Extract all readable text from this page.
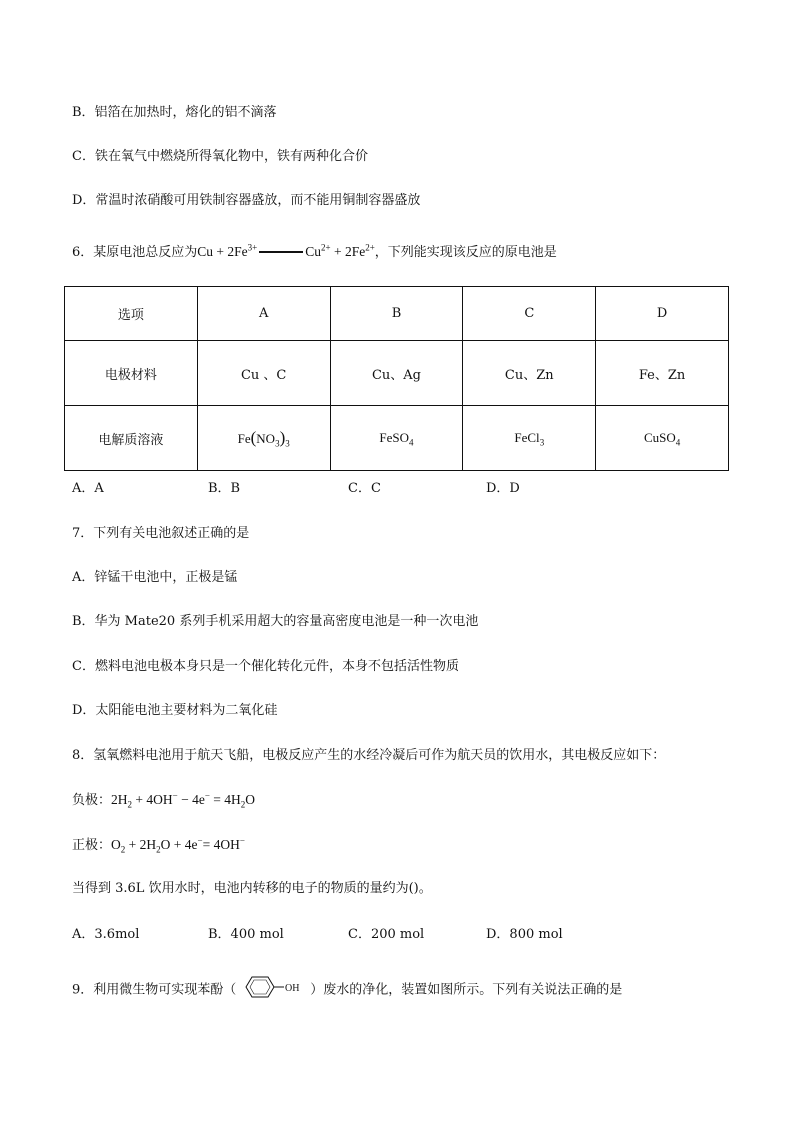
B．铝箔在加热时，熔化的铝不滴落
C．铁在氧气中燃烧所得氧化物中，铁有两种化合价
D．常温时浓硝酸可用铁制容器盛放，而不能用铜制容器盛放
6．某原电池总反应为$Cu + 2Fe^{3+}$	$Cu^{2+} + 2Fe^{2+}$，下列能实现该反应的原电池是
选项	A	B	C	D
电极材料	Cu 、C	Cu、Ag	Cu、Zn	Fe、Zn
电解质溶液	$Fe(NO_3)_3$	FeSO$_4$	FeCl$_3$	CuSO$_4$
A．A	B．B	C．C	D．D
7．下列有关电池叙述正确的是
A．锌锰干电池中，正极是锰
B．华为 Mate20 系列手机采用超大的容量高密度电池是一种一次电池
C．燃料电池电极本身只是一个催化转化元件，本身不包括活性物质
D．太阳能电池主要材料为二氧化硅
8．氢氧燃料电池用于航天飞船，电极反应产生的水经冷凝后可作为航天员的饮用水，其电极反应如下：
负极：$2H_2 + 4OH^- - 4e^- = 4H_2O$
正极：$O_2 + 2H_2O + 4e^-= 4OH^-$
当得到 3.6L 饮用水时，电池内转移的电子的物质的量约为()。
A．3.6mol	B．400 mol	C．200 mol	D．800 mol
9．利用微生物可实现苯酚（	OH ）废水的净化，装置如图所示。下列有关说法正确的是
